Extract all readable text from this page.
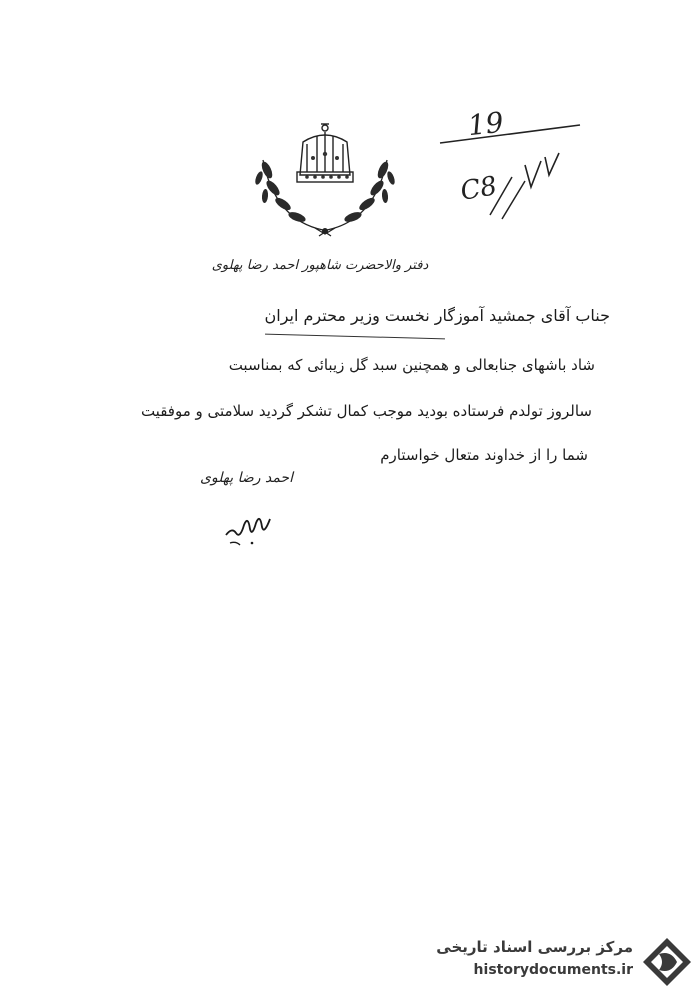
19
C8
دفتر والاحضرت شاهپور احمد رضا پهلوی
جناب آقای جمشید آموزگار نخست وزیر محترم ایران
شاد باشهای جنابعالی و همچنین سبد گل زیبائی که بمناسبت
سالروز تولدم فرستاده بودید موجب کمال تشکر گردید سلامتی و موفقیت
شما را از خداوند متعال خواستارم
احمد رضا پهلوی
مرکز بررسی اسناد تاریخی
historydocuments.ir
